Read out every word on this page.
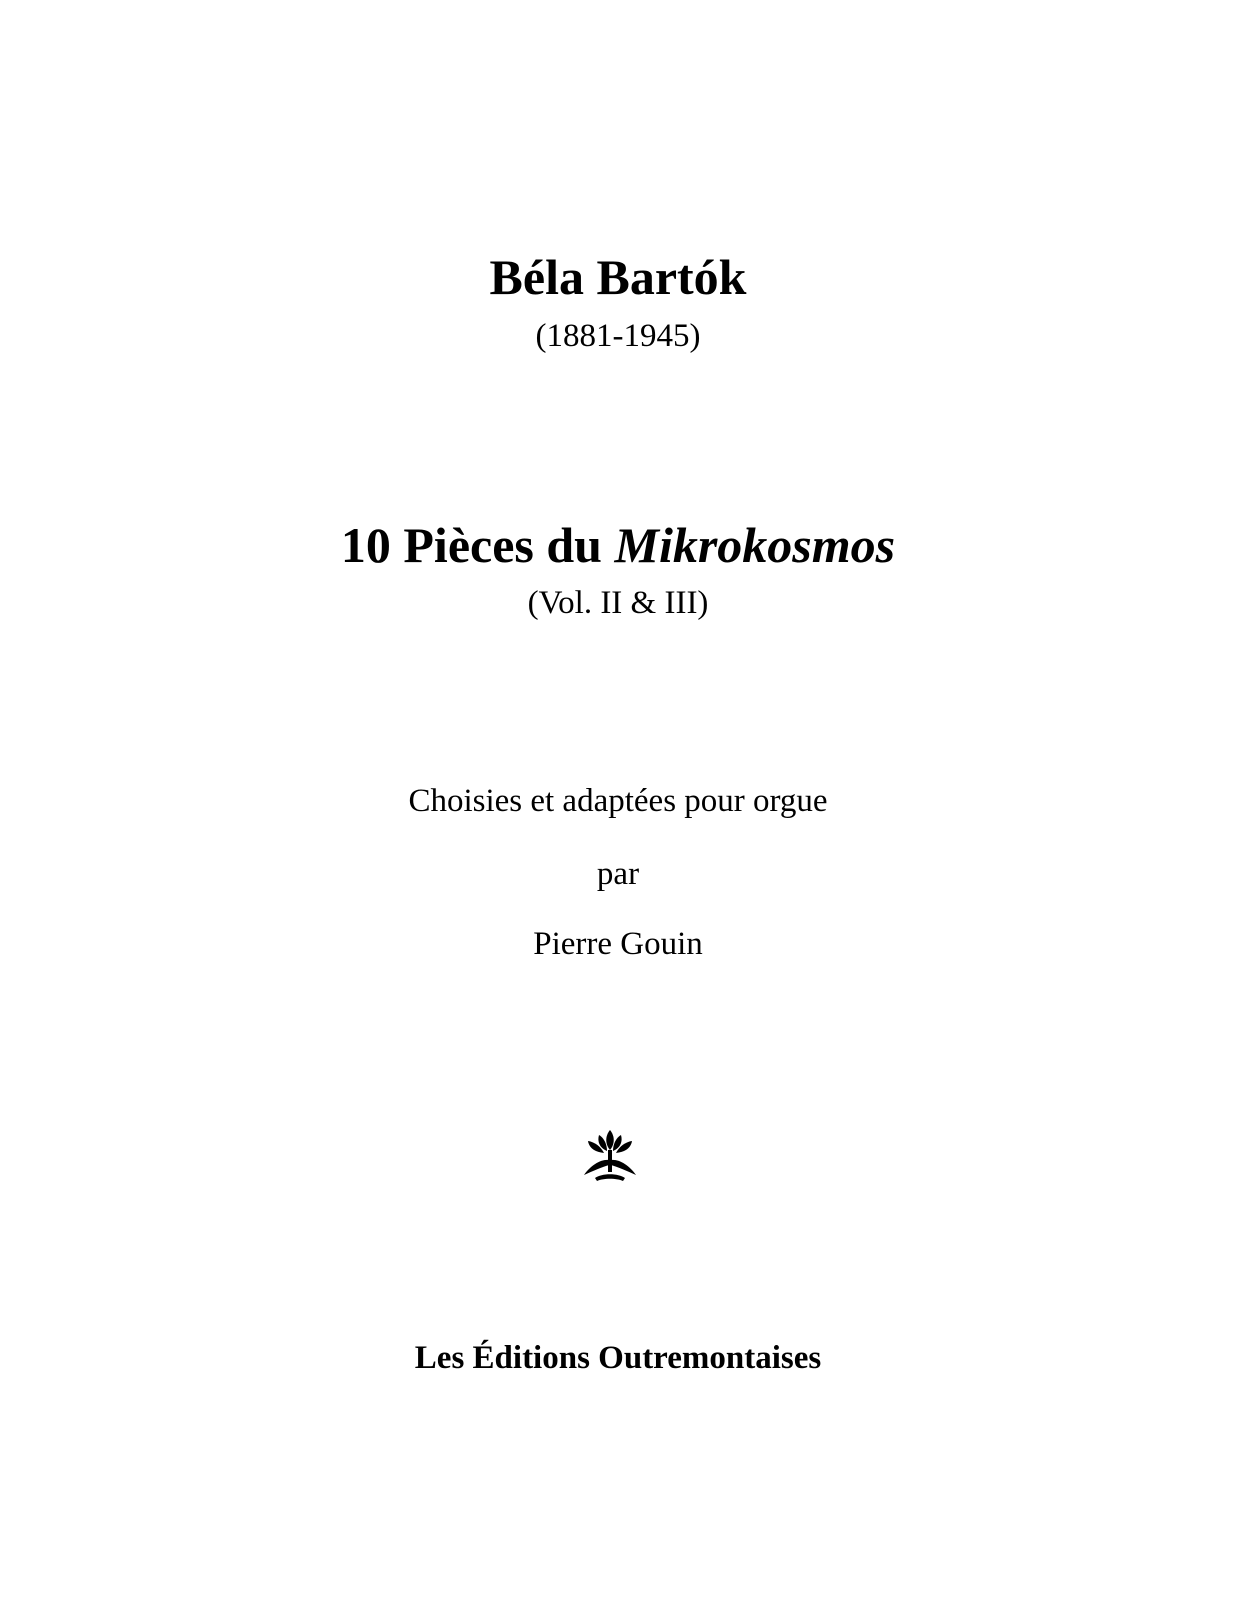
Béla Bartók
(1881-1945)
10 Pièces du Mikrokosmos
(Vol. II & III)
Choisies et adaptées pour orgue
par
Pierre Gouin
Les Éditions Outremontaises
